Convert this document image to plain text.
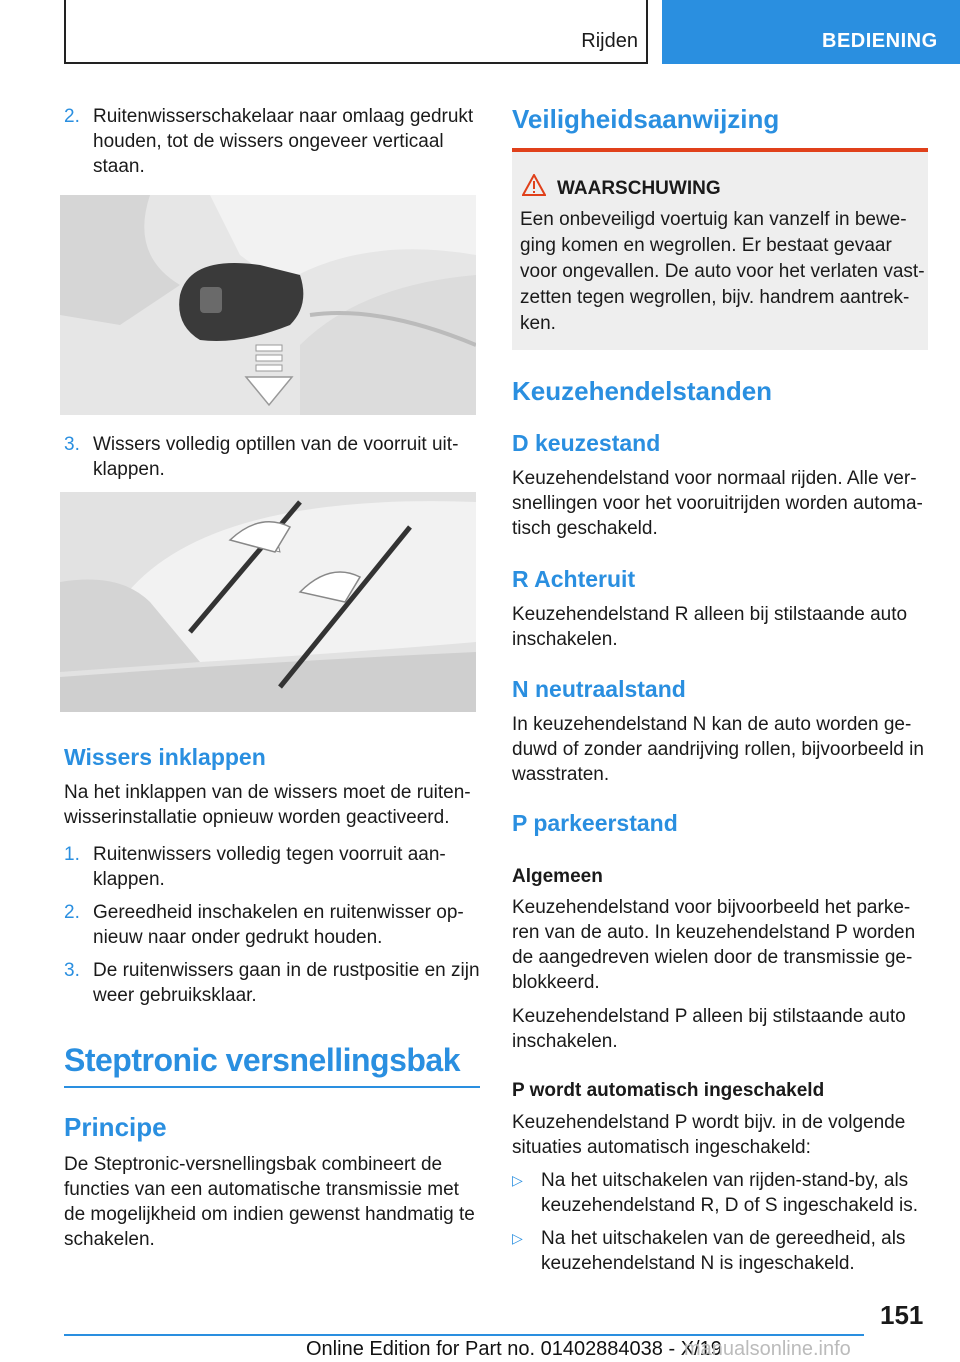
Rijden	BEDIENING
2. Ruitenwisserschakelaar naar omlaag gedrukt houden, tot de wissers ongeveer verticaal staan.
3. Wissers volledig optillen van de voorruit uitklappen.
Wissers inklappen
Na het inklappen van de wissers moet de ruitenwisserinstallatie opnieuw worden geactiveerd.
1. Ruitenwissers volledig tegen voorruit aanklappen.
2. Gereedheid inschakelen en ruitenwisser opnieuw naar onder gedrukt houden.
3. De ruitenwissers gaan in de rustpositie en zijn weer gebruiksklaar.
Steptronic versnellingsbak
Principe
De Steptronic-versnellingsbak combineert de functies van een automatische transmissie met de mogelijkheid om indien gewenst handmatig te schakelen.
Veiligheidsaanwijzing
WAARSCHUWING
Een onbeveiligd voertuig kan vanzelf in beweging komen en wegrollen. Er bestaat gevaar voor ongevallen. De auto voor het verlaten vastzetten tegen wegrollen, bijv. handrem aantrekken.
Keuzehendelstanden
D keuzestand
Keuzehendelstand voor normaal rijden. Alle versnellingen voor het vooruitrijden worden automatisch geschakeld.
R Achteruit
Keuzehendelstand R alleen bij stilstaande auto inschakelen.
N neutraalstand
In keuzehendelstand N kan de auto worden geduwd of zonder aandrijving rollen, bijvoorbeeld in wasstraten.
P parkeerstand
Algemeen
Keuzehendelstand voor bijvoorbeeld het parkeren van de auto. In keuzehendelstand P worden de aangedreven wielen door de transmissie geblokkeerd.
Keuzehendelstand P alleen bij stilstaande auto inschakelen.
P wordt automatisch ingeschakeld
Keuzehendelstand P wordt bijv. in de volgende situaties automatisch ingeschakeld:
▷ Na het uitschakelen van rijden-stand-by, als keuzehendelstand R, D of S ingeschakeld is.
▷ Na het uitschakelen van de gereedheid, als keuzehendelstand N is ingeschakeld.
151
Online Edition for Part no. 01402884038 - X/19
manualsonline.info
